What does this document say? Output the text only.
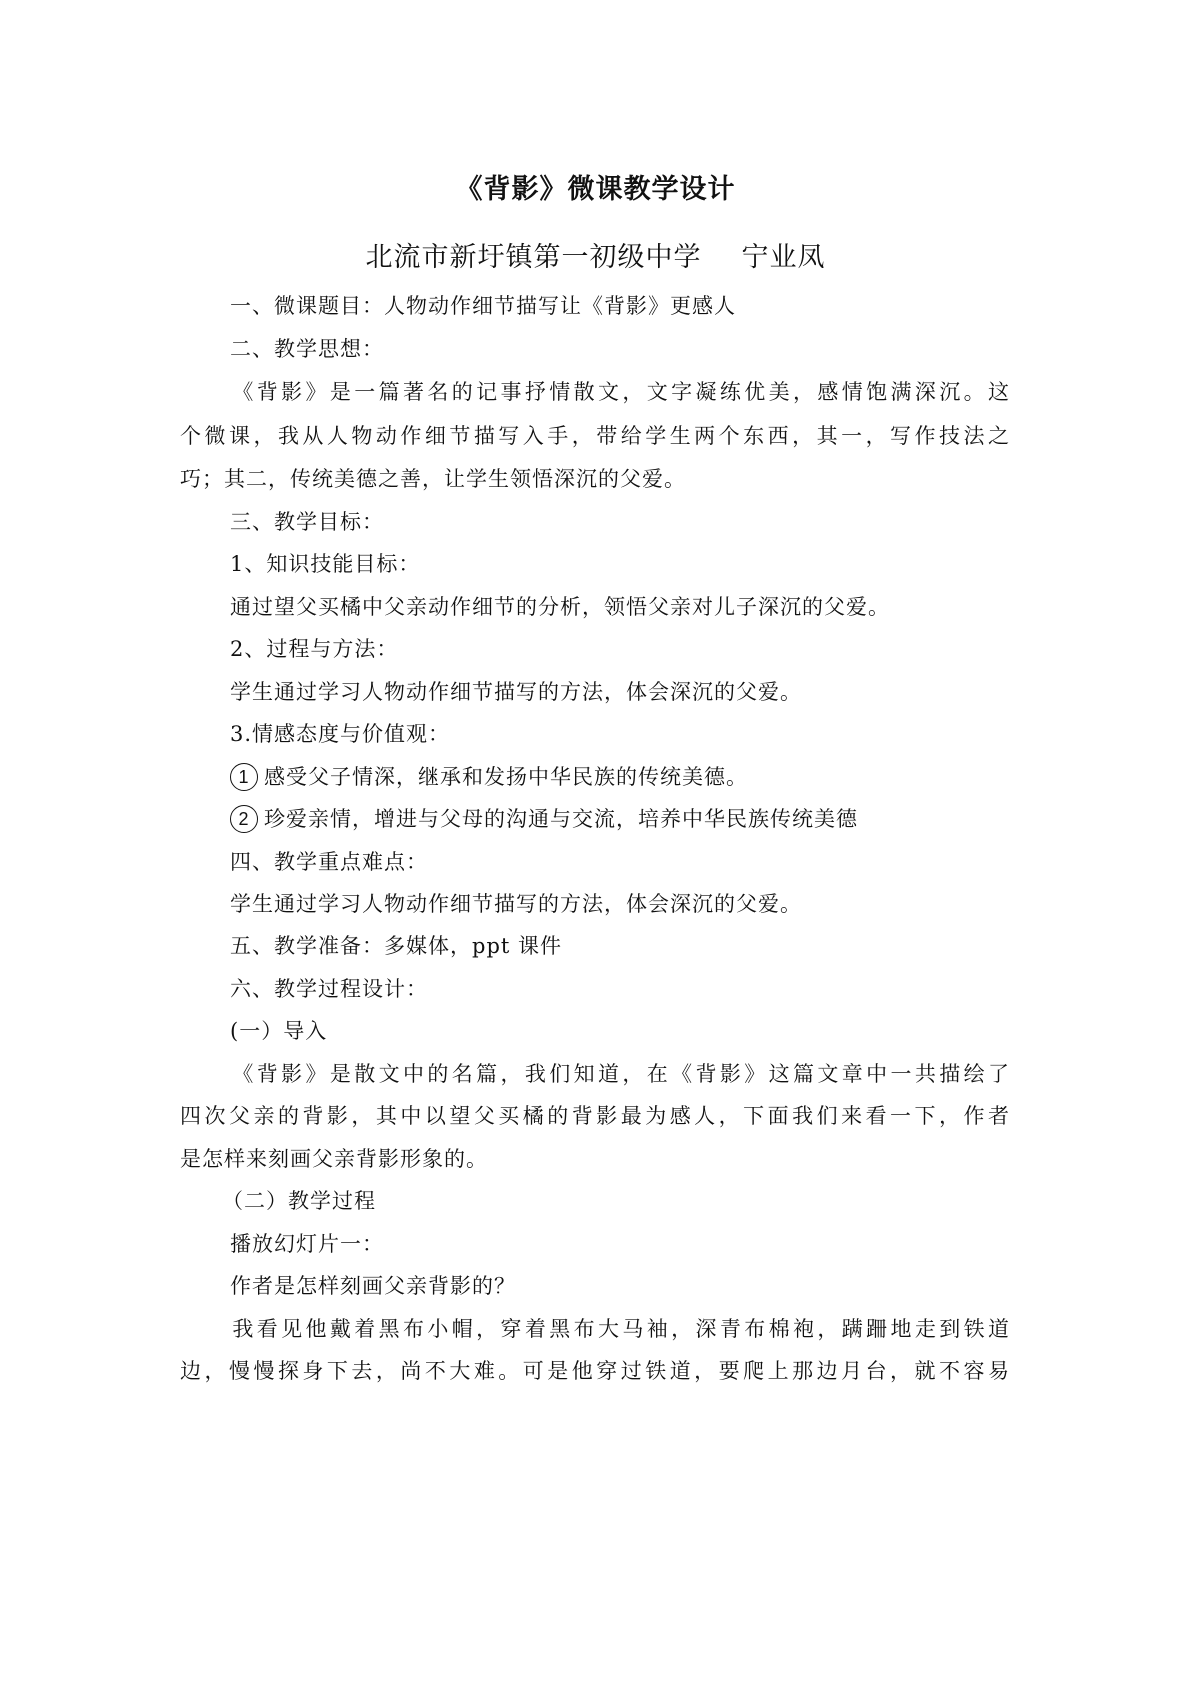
《背影》微课教学设计
北流市新圩镇第一初级中学 宁业凤
一、微课题目：人物动作细节描写让《背影》更感人
二、教学思想：
《背影》是一篇著名的记事抒情散文，文字凝练优美，感情饱满深沉。这
个微课，我从人物动作细节描写入手，带给学生两个东西，其一，写作技法之
巧；其二，传统美德之善，让学生领悟深沉的父爱。
三、教学目标：
1、知识技能目标：
通过望父买橘中父亲动作细节的分析，领悟父亲对儿子深沉的父爱。
2、过程与方法：
学生通过学习人物动作细节描写的方法，体会深沉的父爱。
3.情感态度与价值观：
1 感受父子情深，继承和发扬中华民族的传统美德。
2 珍爱亲情，增进与父母的沟通与交流，培养中华民族传统美德
四、教学重点难点：
学生通过学习人物动作细节描写的方法，体会深沉的父爱。
五、教学准备：多媒体，ppt 课件
六、教学过程设计：
(一）导入
《背影》是散文中的名篇，我们知道，在《背影》这篇文章中一共描绘了
四次父亲的背影，其中以望父买橘的背影最为感人，下面我们来看一下，作者
是怎样来刻画父亲背影形象的。
（二）教学过程
播放幻灯片一：
作者是怎样刻画父亲背影的？
我看见他戴着黑布小帽，穿着黑布大马袖，深青布棉袍，蹒跚地走到铁道
边，慢慢探身下去，尚不大难。可是他穿过铁道，要爬上那边月台，就不容易
